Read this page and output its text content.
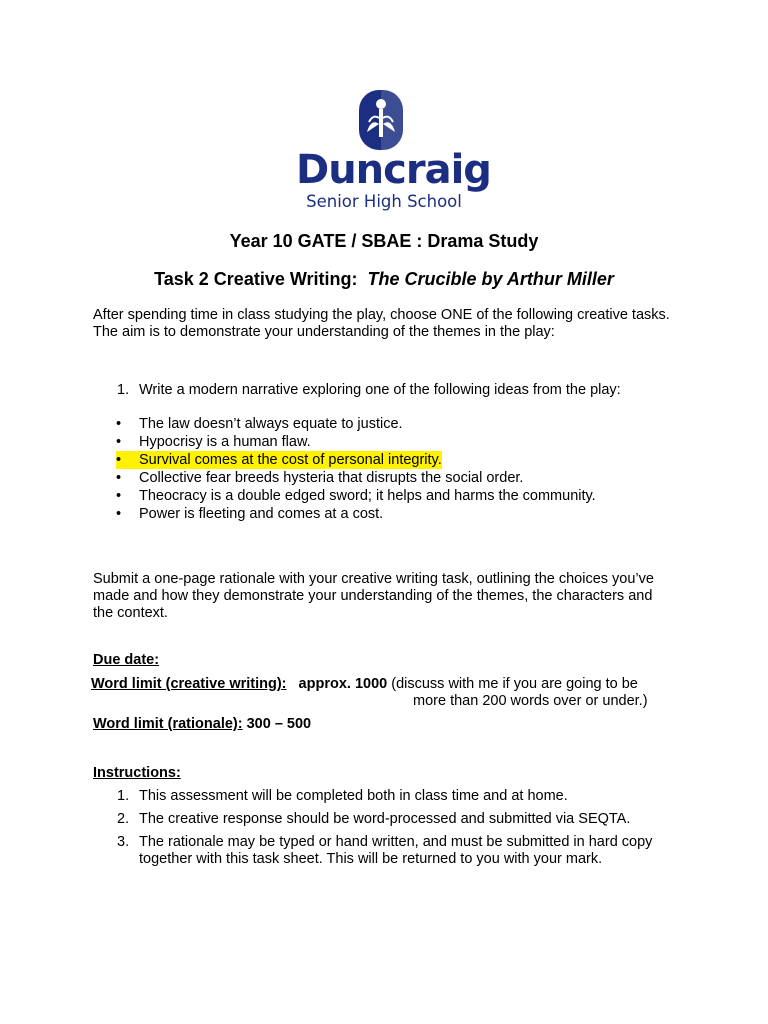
Duncraig
Senior High School
Year 10 GATE / SBAE : Drama Study
Task 2 Creative Writing: The Crucible by Arthur Miller
After spending time in class studying the play, choose ONE of the following creative tasks. The aim is to demonstrate your understanding of the themes in the play:
1. Write a modern narrative exploring one of the following ideas from the play:
•	The law doesn’t always equate to justice.
•	Hypocrisy is a human flaw.
•	Survival comes at the cost of personal integrity.
•	Collective fear breeds hysteria that disrupts the social order.
•	Theocracy is a double edged sword; it helps and harms the community.
•	Power is fleeting and comes at a cost.
Submit a one-page rationale with your creative writing task, outlining the choices you’ve made and how they demonstrate your understanding of the themes, the characters and the context.
Due date:
Word limit (creative writing): approx. 1000 (discuss with me if you are going to be
more than 200 words over or under.)
Word limit (rationale): 300 – 500
Instructions:
1. This assessment will be completed both in class time and at home.
2. The creative response should be word-processed and submitted via SEQTA.
3. The rationale may be typed or hand written, and must be submitted in hard copy together with this task sheet. This will be returned to you with your mark.
